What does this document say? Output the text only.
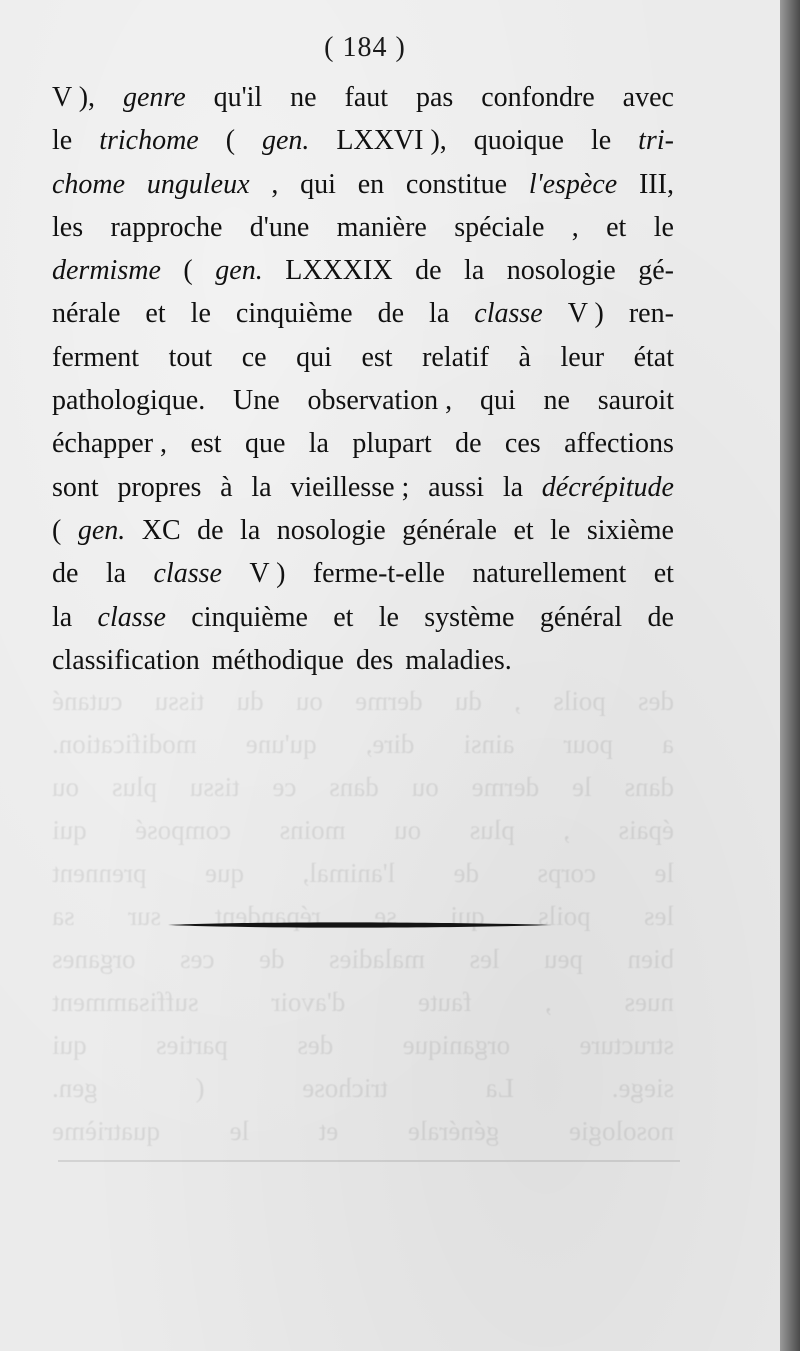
( 184 )
V ), genre qu'il ne faut pas confondre avec
le trichome ( gen. LXXVI ), quoique le tri-
chome unguleux , qui en constitue l'espèce III,
les rapproche d'une manière spéciale , et le
dermisme ( gen. LXXXIX de la nosologie gé-
nérale et le cinquième de la classe V ) ren-
ferment tout ce qui est relatif à leur état
pathologique. Une observation , qui ne sauroit
échapper , est que la plupart de ces affections
sont propres à la vieillesse ; aussi la décrépitude
( gen. XC de la nosologie générale et le sixième
de la classe V ) ferme-t-elle naturellement et
la classe cinquième et le système général de
classification méthodique des maladies.
des
poils
,
du
derme
ou
du
tissu
cutané
a
pour
ainsi
dire,
qu'une
modification.
dans
le
derme
ou
dans
ce
tissu
plus
ou
épais
,
plus
ou
moins
composé
qui
le
corps
de
l'animal,
que
prennent
les
poils
qui
se
répandent
sur
sa
bien
peu
les
maladies
de
ces
organes
nues
,
faute
d'avoir
suffisamment
structure
organique
des
parties
qui
siege.
La
trichose
(
gen.
nosologie
générale
et
le
quatrième
